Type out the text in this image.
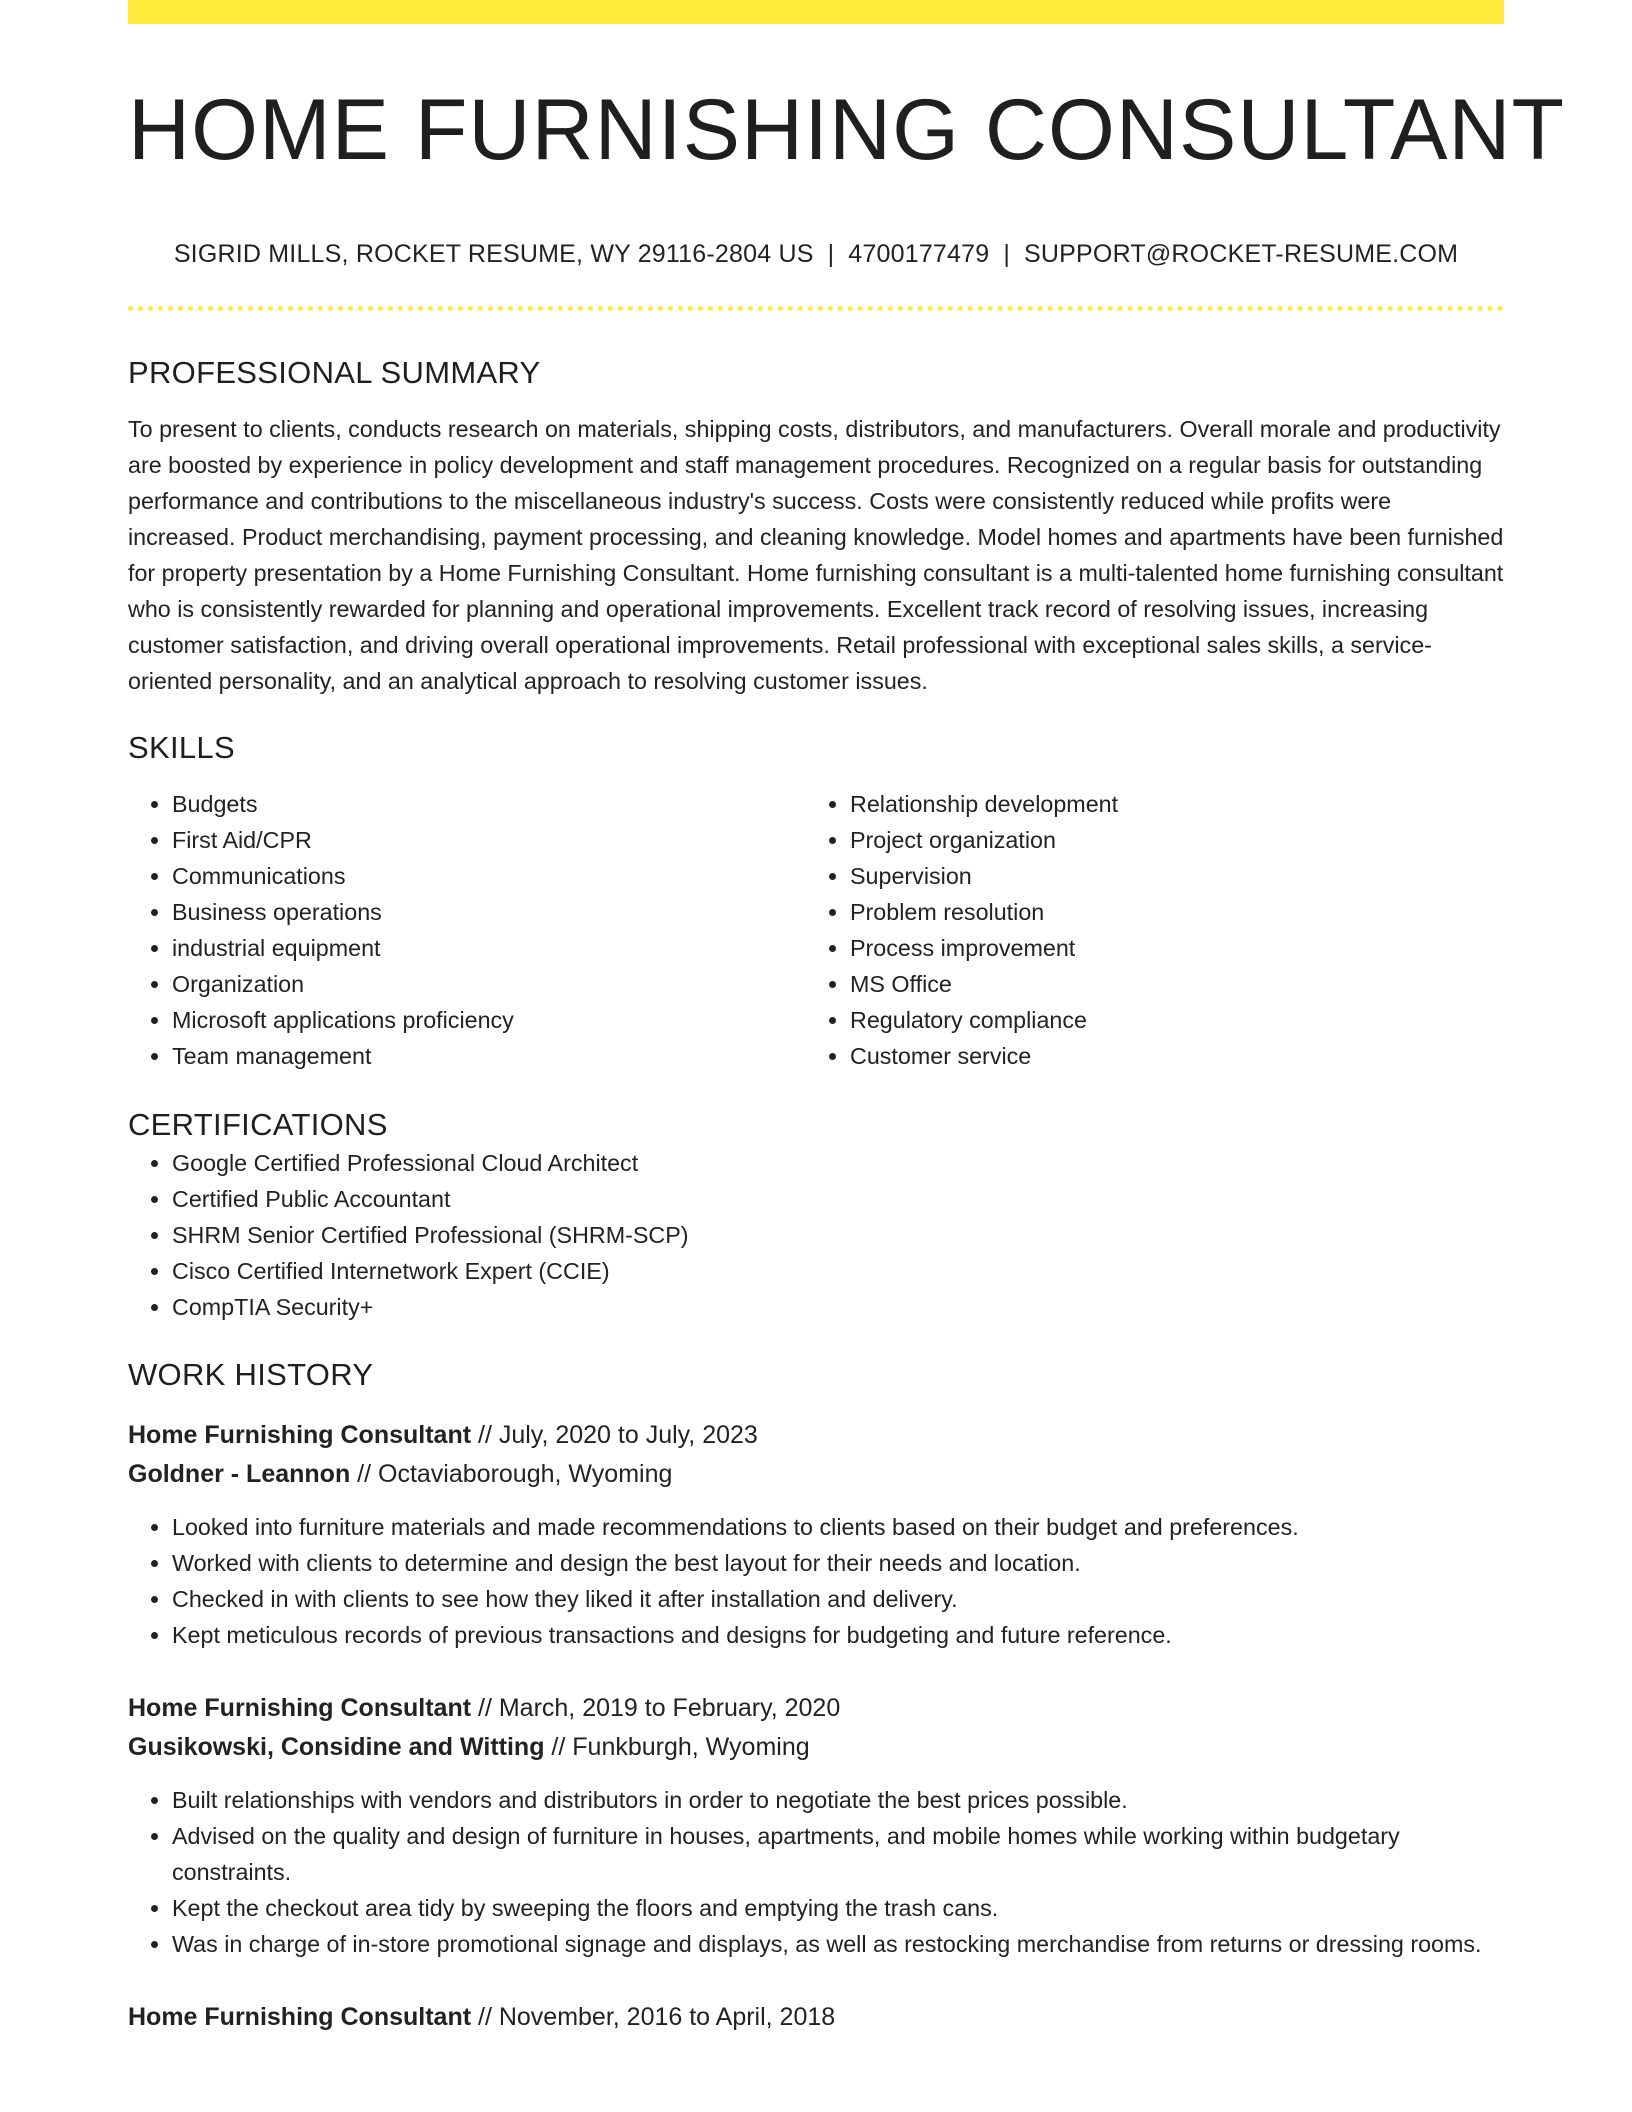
HOME FURNISHING CONSULTANT
SIGRID MILLS, ROCKET RESUME, WY 29116-2804 US | 4700177479 | SUPPORT@ROCKET-RESUME.COM
PROFESSIONAL SUMMARY
To present to clients, conducts research on materials, shipping costs, distributors, and manufacturers. Overall morale and productivity are boosted by experience in policy development and staff management procedures. Recognized on a regular basis for outstanding performance and contributions to the miscellaneous industry's success. Costs were consistently reduced while profits were increased. Product merchandising, payment processing, and cleaning knowledge. Model homes and apartments have been furnished for property presentation by a Home Furnishing Consultant. Home furnishing consultant is a multi-talented home furnishing consultant who is consistently rewarded for planning and operational improvements. Excellent track record of resolving issues, increasing customer satisfaction, and driving overall operational improvements. Retail professional with exceptional sales skills, a service-oriented personality, and an analytical approach to resolving customer issues.
SKILLS
• Budgets
• First Aid/CPR
• Communications
• Business operations
• industrial equipment
• Organization
• Microsoft applications proficiency
• Team management
• Relationship development
• Project organization
• Supervision
• Problem resolution
• Process improvement
• MS Office
• Regulatory compliance
• Customer service
CERTIFICATIONS
• Google Certified Professional Cloud Architect
• Certified Public Accountant
• SHRM Senior Certified Professional (SHRM-SCP)
• Cisco Certified Internetwork Expert (CCIE)
• CompTIA Security+
WORK HISTORY
Home Furnishing Consultant // July, 2020 to July, 2023
Goldner - Leannon // Octaviaborough, Wyoming
• Looked into furniture materials and made recommendations to clients based on their budget and preferences.
• Worked with clients to determine and design the best layout for their needs and location.
• Checked in with clients to see how they liked it after installation and delivery.
• Kept meticulous records of previous transactions and designs for budgeting and future reference.
Home Furnishing Consultant // March, 2019 to February, 2020
Gusikowski, Considine and Witting // Funkburgh, Wyoming
• Built relationships with vendors and distributors in order to negotiate the best prices possible.
• Advised on the quality and design of furniture in houses, apartments, and mobile homes while working within budgetary constraints.
• Kept the checkout area tidy by sweeping the floors and emptying the trash cans.
• Was in charge of in-store promotional signage and displays, as well as restocking merchandise from returns or dressing rooms.
Home Furnishing Consultant // November, 2016 to April, 2018
